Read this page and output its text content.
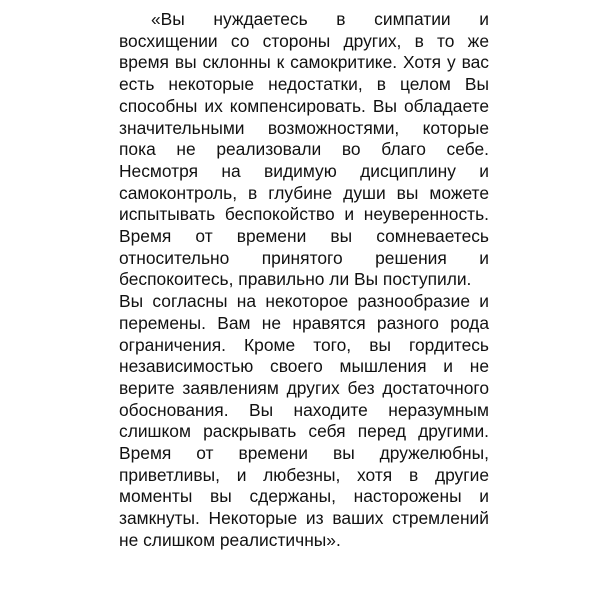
«Вы нуждаетесь в симпатии и восхищении со стороны других, в то же время вы склонны к самокритике. Хотя у вас есть некоторые недостатки, в целом Вы способны их компенсировать. Вы обладаете значительными возможностями, которые пока не реализовали во благо себе. Несмотря на видимую дисциплину и самоконтроль, в глубине души вы можете испытывать беспокойство и неуверенность. Время от времени вы сомневаетесь относительно принятого решения и беспокоитесь, правильно ли Вы поступили.

Вы согласны на некоторое разнообразие и перемены. Вам не нравятся разного рода ограничения. Кроме того, вы гордитесь независимостью своего мышления и не верите заявлениям других без достаточного обоснования. Вы находите неразумным слишком раскрывать себя перед другими. Время от времени вы дружелюбны, приветливы, и любезны, хотя в другие моменты вы сдержаны, насторожены и замкнуты. Некоторые из ваших стремлений не слишком реалистичны».
